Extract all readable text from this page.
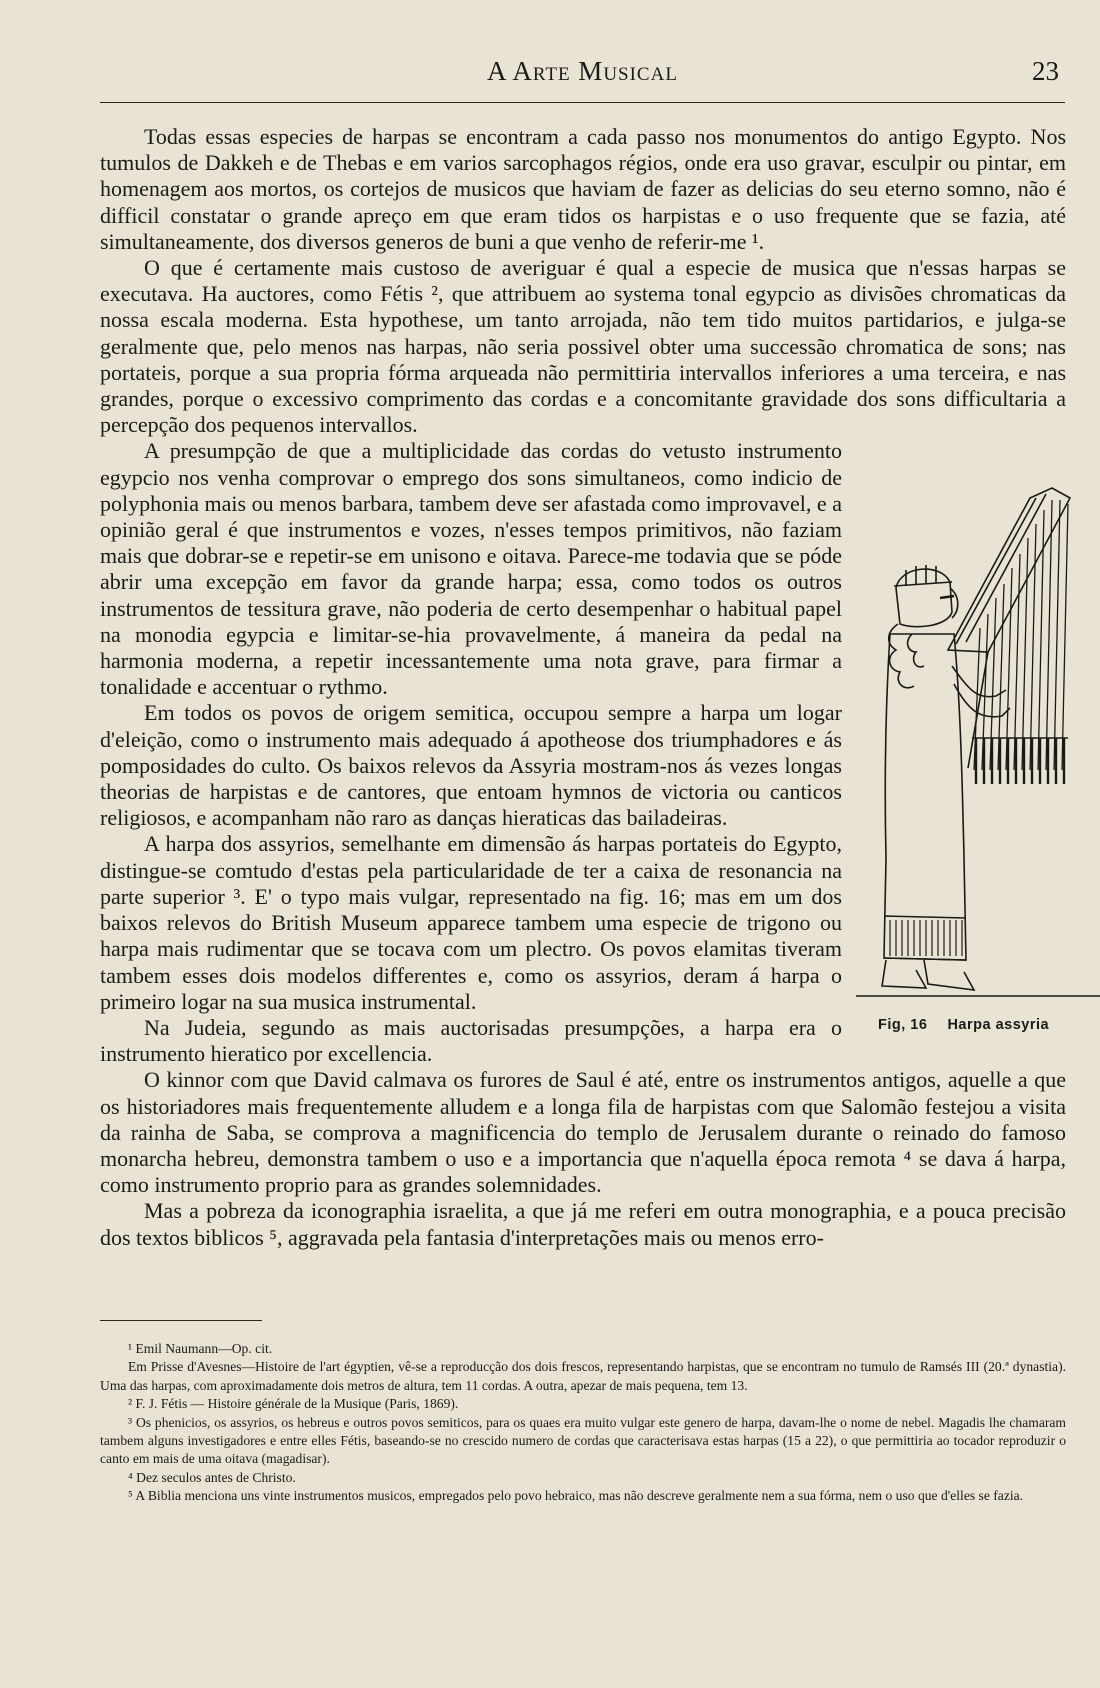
A Arte Musical	23

Todas essas especies de harpas se encontram a cada passo nos monumentos do antigo Egypto. Nos tumulos de Dakkeh e de Thebas e em varios sarcophagos régios, onde era uso gravar, esculpir ou pintar, em homenagem aos mortos, os cortejos de musicos que haviam de fazer as delicias do seu eterno somno, não é difficil constatar o grande apreço em que eram tidos os harpistas e o uso frequente que se fazia, até simultaneamente, dos diversos generos de buni a que venho de referir-me ¹.

O que é certamente mais custoso de averiguar é qual a especie de musica que n'essas harpas se executava. Ha auctores, como Fétis ², que attribuem ao systema tonal egypcio as divisões chromaticas da nossa escala moderna. Esta hypothese, um tanto arrojada, não tem tido muitos partidarios, e julga-se geralmente que, pelo menos nas harpas, não seria possivel obter uma successão chromatica de sons; nas portateis, porque a sua propria fórma arqueada não permittiria intervallos inferiores a uma terceira, e nas grandes, porque o excessivo comprimento das cordas e a concomitante gravidade dos sons difficultaria a percepção dos pequenos intervallos.

Fig, 16 Harpa assyria

A presumpção de que a multiplicidade das cordas do vetusto instrumento egypcio nos venha comprovar o emprego dos sons simultaneos, como indicio de polyphonia mais ou menos barbara, tambem deve ser afastada como improvavel, e a opinião geral é que instrumentos e vozes, n'esses tempos primitivos, não faziam mais que dobrar-se e repetir-se em unisono e oitava. Parece-me todavia que se póde abrir uma excepção em favor da grande harpa; essa, como todos os outros instrumentos de tessitura grave, não poderia de certo desempenhar o habitual papel na monodia egypcia e limitar-se-hia provavelmente, á maneira da pedal na harmonia moderna, a repetir incessantemente uma nota grave, para firmar a tonalidade e accentuar o rythmo.

Em todos os povos de origem semitica, occupou sempre a harpa um logar d'eleição, como o instrumento mais adequado á apotheose dos triumphadores e ás pomposidades do culto. Os baixos relevos da Assyria mostram-nos ás vezes longas theorias de harpistas e de cantores, que entoam hymnos de victoria ou canticos religiosos, e acompanham não raro as danças hieraticas das bailadeiras.

A harpa dos assyrios, semelhante em dimensão ás harpas portateis do Egypto, distingue-se comtudo d'estas pela particularidade de ter a caixa de resonancia na parte superior ³. E' o typo mais vulgar, representado na fig. 16; mas em um dos baixos relevos do British Museum apparece tambem uma especie de trigono ou harpa mais rudimentar que se tocava com um plectro. Os povos elamitas tiveram tambem esses dois modelos differentes e, como os assyrios, deram á harpa o primeiro logar na sua musica instrumental.

Na Judeia, segundo as mais auctorisadas presumpções, a harpa era o instrumento hieratico por excellencia.

O kinnor com que David calmava os furores de Saul é até, entre os instrumentos antigos, aquelle a que os historiadores mais frequentemente alludem e a longa fila de harpistas com que Salomão festejou a visita da rainha de Saba, se comprova a magnificencia do templo de Jerusalem durante o reinado do famoso monarcha hebreu, demonstra tambem o uso e a importancia que n'aquella época remota ⁴ se dava á harpa, como instrumento proprio para as grandes solemnidades.

Mas a pobreza da iconographia israelita, a que já me referi em outra monographia, e a pouca precisão dos textos biblicos ⁵, aggravada pela fantasia d'interpretações mais ou menos erro-

¹ Emil Naumann—Op. cit.

Em Prisse d'Avesnes—Histoire de l'art égyptien, vê-se a reproducção dos dois frescos, representando harpistas, que se encontram no tumulo de Ramsés III (20.ª dynastia). Uma das harpas, com aproximadamente dois metros de altura, tem 11 cordas. A outra, apezar de mais pequena, tem 13.

² F. J. Fétis — Histoire générale de la Musique (Paris, 1869).

³ Os phenicios, os assyrios, os hebreus e outros povos semiticos, para os quaes era muito vulgar este genero de harpa, davam-lhe o nome de nebel. Magadis lhe chamaram tambem alguns investigadores e entre elles Fétis, baseando-se no crescido numero de cordas que caracterisava estas harpas (15 a 22), o que permittiria ao tocador reproduzir o canto em mais de uma oitava (magadisar).

⁴ Dez seculos antes de Christo.

⁵ A Biblia menciona uns vinte instrumentos musicos, empregados pelo povo hebraico, mas não descreve geralmente nem a sua fórma, nem o uso que d'elles se fazia.
